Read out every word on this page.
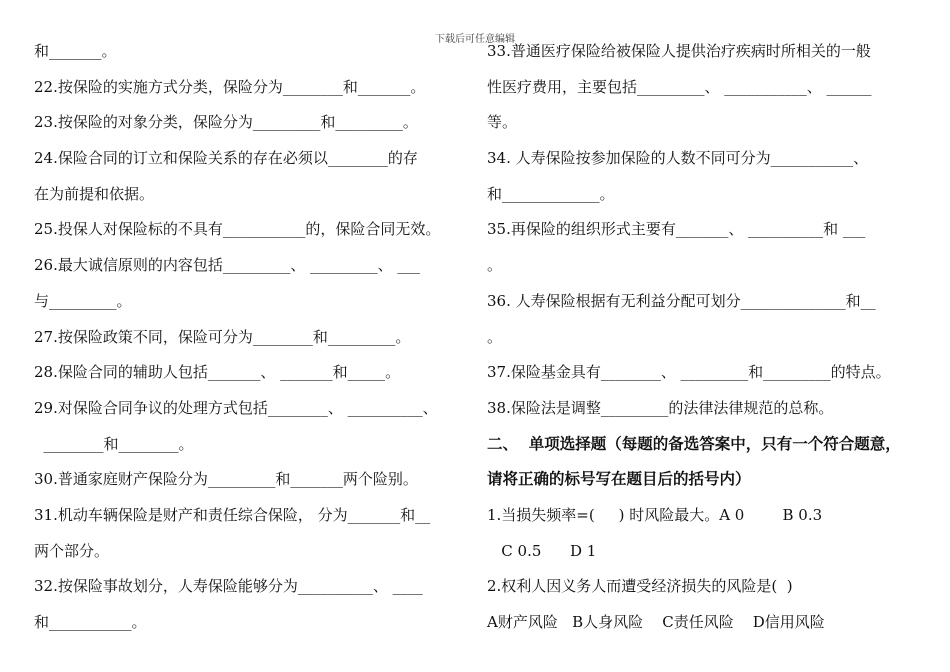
下载后可任意编辑
和_______。
22.按保险的实施方式分类，保险分为________和_______。
23.按保险的对象分类，保险分为_________和_________。
24.保险合同的订立和保险关系的存在必须以________的存
在为前提和依据。
25.投保人对保险标的不具有___________的，保险合同无效。
26.最大诚信原则的内容包括_________、 _________、 ___
与_________。
27.按保险政策不同，保险可分为________和_________。
28.保险合同的辅助人包括_______、 _______和_____。
29.对保险合同争议的处理方式包括________、 __________、
________和________。
30.普通家庭财产保险分为_________和_______两个险别。
31.机动车辆保险是财产和责任综合保险， 分为_______和__
两个部分。
32.按保险事故划分，人寿保险能够分为__________、 ____
和___________。
33.普通医疗保险给被保险人提供治疗疾病时所相关的一般
性医疗费用，主要包括_________、 ___________、 ______
等。
34. 人寿保险按参加保险的人数不同可分为___________、
和_____________。
35.再保险的组织形式主要有_______、 __________和 ___
。
36. 人寿保险根据有无利益分配可划分______________和__
。
37.保险基金具有________、 _________和_________的特点。
38.保险法是调整_________的法律法律规范的总称。
二、  单项选择题（每题的备选答案中，只有一个符合题意，
请将正确的标号写在题目后的括号内）
1.当损失频率=(     ) 时风险最大。A 0        B 0.3
C 0.5      D 1
2.权利人因义务人而遭受经济损失的风险是(  )
A财产风险   B人身风险    C责任风险    D信用风险
